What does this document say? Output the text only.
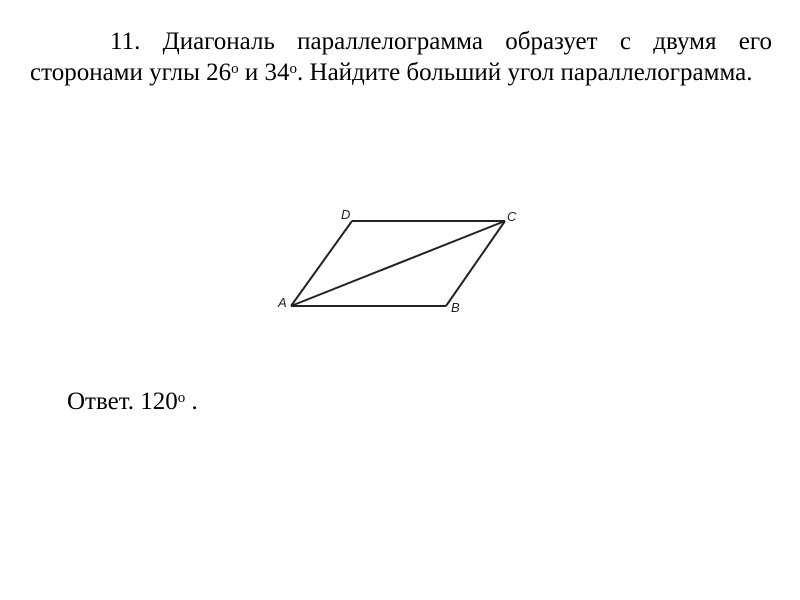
11. Диагональ параллелограмма образует с двумя его сторонами углы 26$^o$ и 34$^o$. Найдите больший угол параллелограмма.

A	B
C
D

Ответ. 120$^o$ .
